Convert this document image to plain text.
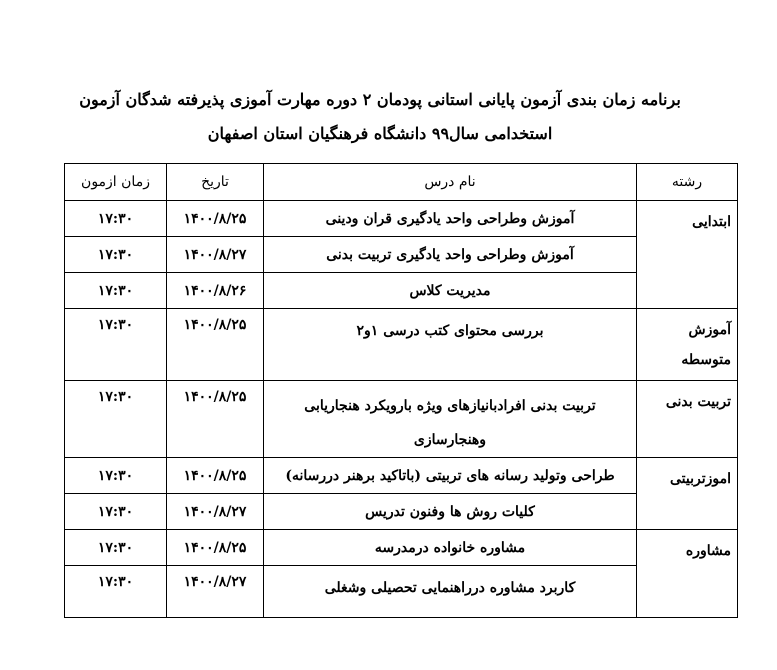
برنامه زمان بندی آزمون پایانی استانی پودمان ۲ دوره مهارت آموزی پذیرفته شدگان آزمون
استخدامی سال۹۹ دانشگاه فرهنگیان استان اصفهان
رشته	نام درس	تاریخ	زمان ازمون
ابتدایی	آموزش وطراحی واحد یادگیری قران ودینی	۱۴۰۰/۸/۲۵	۱۷:۳۰
	آموزش وطراحی واحد یادگیری تربیت بدنی	۱۴۰۰/۸/۲۷	۱۷:۳۰
	مدیریت کلاس	۱۴۰۰/۸/۲۶	۱۷:۳۰
آموزش متوسطه	بررسی محتوای کتب درسی ۱و۲	۱۴۰۰/۸/۲۵	۱۷:۳۰
تربیت بدنی	تربیت بدنی افرادبانیازهای ویژه بارویکرد هنجاریابی وهنجارسازی	۱۴۰۰/۸/۲۵	۱۷:۳۰
اموزتربیتی	طراحی وتولید رسانه های تربیتی (باتاکید برهنر دررسانه)	۱۴۰۰/۸/۲۵	۱۷:۳۰
	کلیات روش ها وفنون تدریس	۱۴۰۰/۸/۲۷	۱۷:۳۰
مشاوره	مشاوره خانواده درمدرسه	۱۴۰۰/۸/۲۵	۱۷:۳۰
	کاربرد مشاوره درراهنمایی تحصیلی وشغلی	۱۴۰۰/۸/۲۷	۱۷:۳۰
